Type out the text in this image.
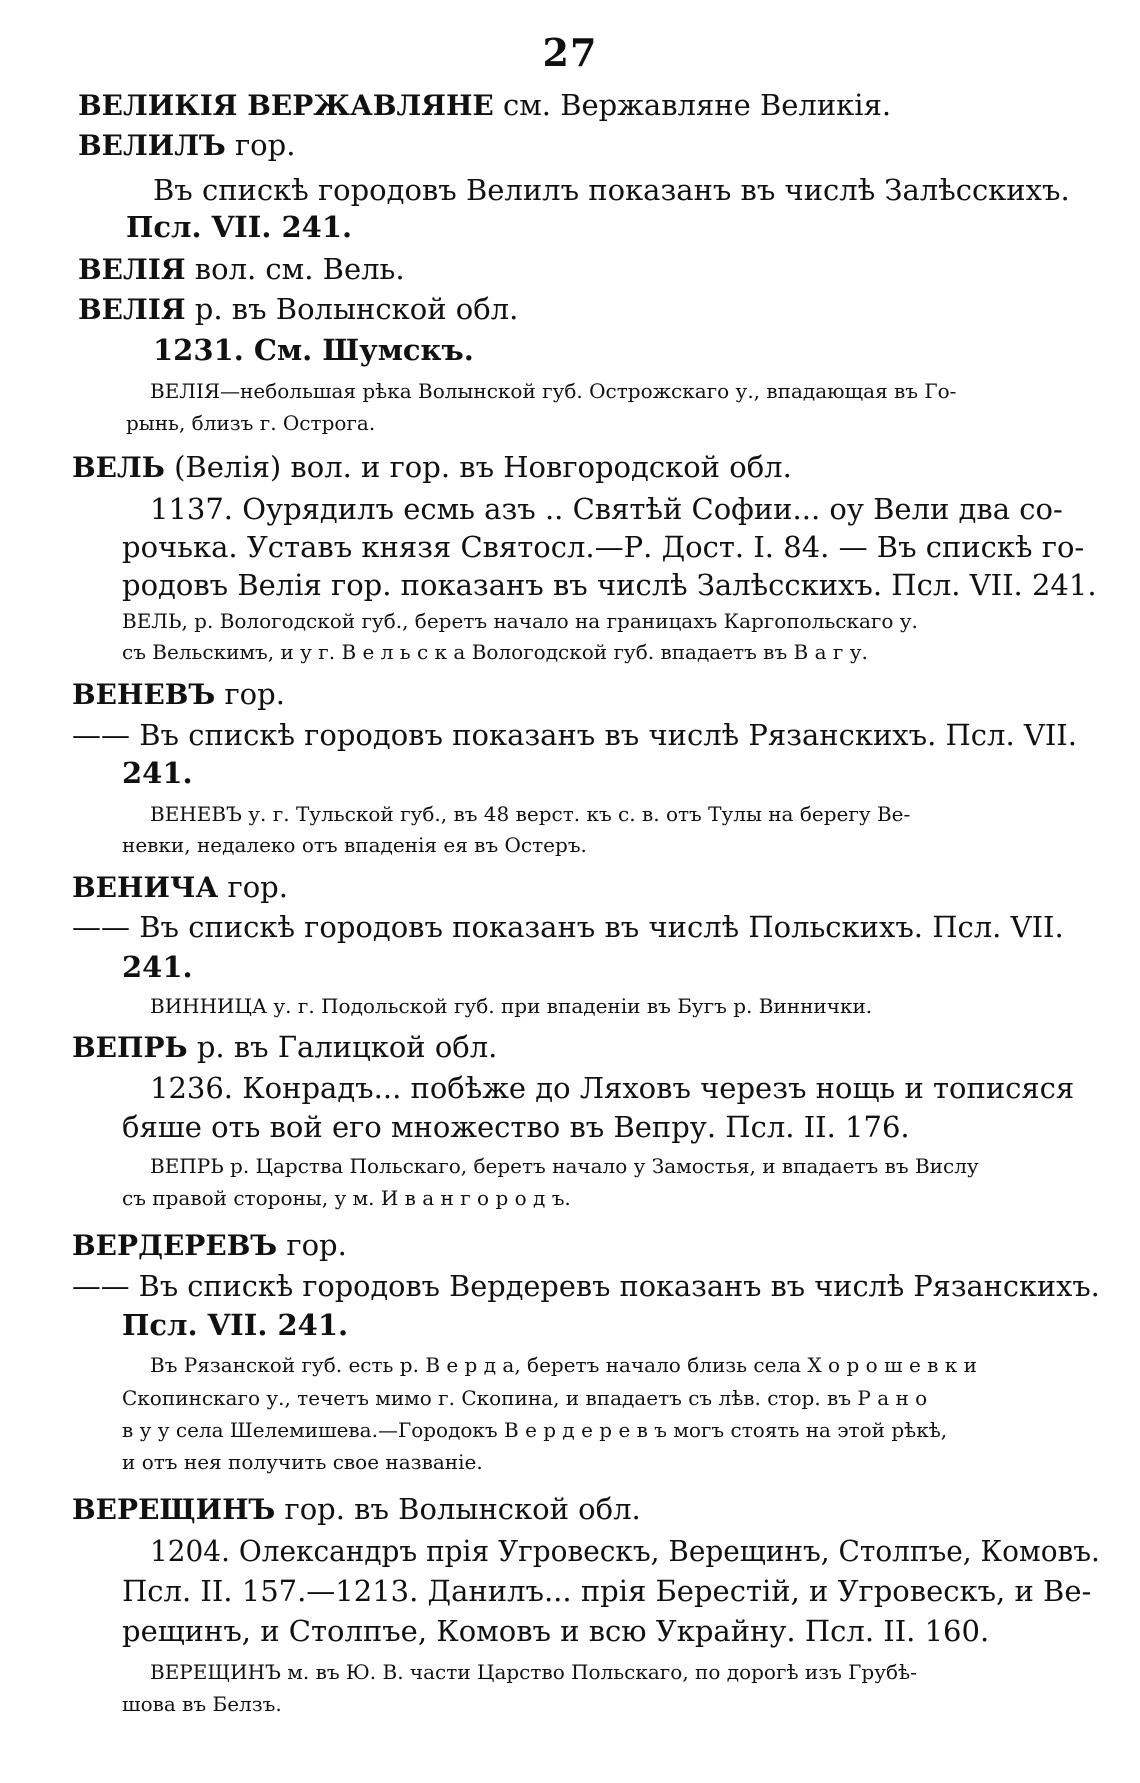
27
ВЕЛИКIЯ ВЕРЖАВЛЯНЕ см. Вержавляне Великiя.
ВЕЛИЛЪ гор.
Въ спискѣ городовъ Велилъ показанъ въ числѣ Залѣсскихъ.
Псл. VII. 241.
ВЕЛIЯ вол. см. Вель.
ВЕЛIЯ р. въ Волынской обл.
1231. См. Шумскъ.
ВЕЛIЯ—небольшая рѣка Волынской губ. Острожскаго у., впадающая въ Го-
рынь, близъ г. Острога.
ВЕЛЬ (Велiя) вол. и гор. въ Новгородской обл.
1137. Оурядилъ есмь азъ .. Святѣй Софии... оу Вели два со-
рочька. Уставъ князя Святосл.—Р. Дост. I. 84. — Въ спискѣ го-
родовъ Велiя гор. показанъ въ числѣ Залѣсскихъ. Псл. VII. 241.
ВЕЛЬ, р. Вологодской губ., беретъ начало на границахъ Каргопольскаго у.
съ Вельскимъ, и у г. В е л ь с к а Вологодской губ. впадаетъ въ В а г у.
ВЕНЕВЪ гор.
—— Въ спискѣ городовъ показанъ въ числѣ Рязанскихъ. Псл. VII.
241.
ВЕНЕВЪ у. г. Тульской губ., въ 48 верст. къ с. в. отъ Тулы на берегу Ве-
невки, недалеко отъ впаденiя ея въ Остеръ.
ВЕНИЧА гор.
—— Въ спискѣ городовъ показанъ въ числѣ Польскихъ. Псл. VII.
241.
ВИННИЦА у. г. Подольской губ. при впаденiи въ Бугъ р. Виннички.
ВЕПРЬ р. въ Галицкой обл.
1236. Конрадъ... побѣже до Ляховъ черезъ нощь и тописяся
бяше оть вой его множество въ Вепру. Псл. II. 176.
ВЕПРЬ р. Царства Польскаго, беретъ начало у Замостья, и впадаетъ въ Вислу
съ правой стороны, у м. И в а н г о р о д ъ.
ВЕРДЕРЕВЪ гор.
—— Въ спискѣ городовъ Вердеревъ показанъ въ числѣ Рязанскихъ.
Псл. VII. 241.
Въ Рязанской губ. есть р. В е р д а, беретъ начало близь села Х о р о ш е в к и
Скопинскаго у., течетъ мимо г. Скопина, и впадаетъ съ лѣв. стор. въ Р а н о
в у у села Шелемишева.—Городокъ В е р д е р е в ъ могъ стоять на этой рѣкѣ,
и отъ нея получить свое названiе.
ВЕРЕЩИНЪ гор. въ Волынской обл.
1204. Олександръ прiя Угровескъ, Верещинъ, Столпъе, Комовъ.
Псл. II. 157.—1213. Данилъ... прiя Берестiй, и Угровескъ, и Ве-
рещинъ, и Столпъе, Комовъ и всю Украйну. Псл. II. 160.
ВЕРЕЩИНЪ м. въ Ю. В. части Царство Польскаго, по дорогѣ изъ Грубѣ-
шова въ Белзъ.
